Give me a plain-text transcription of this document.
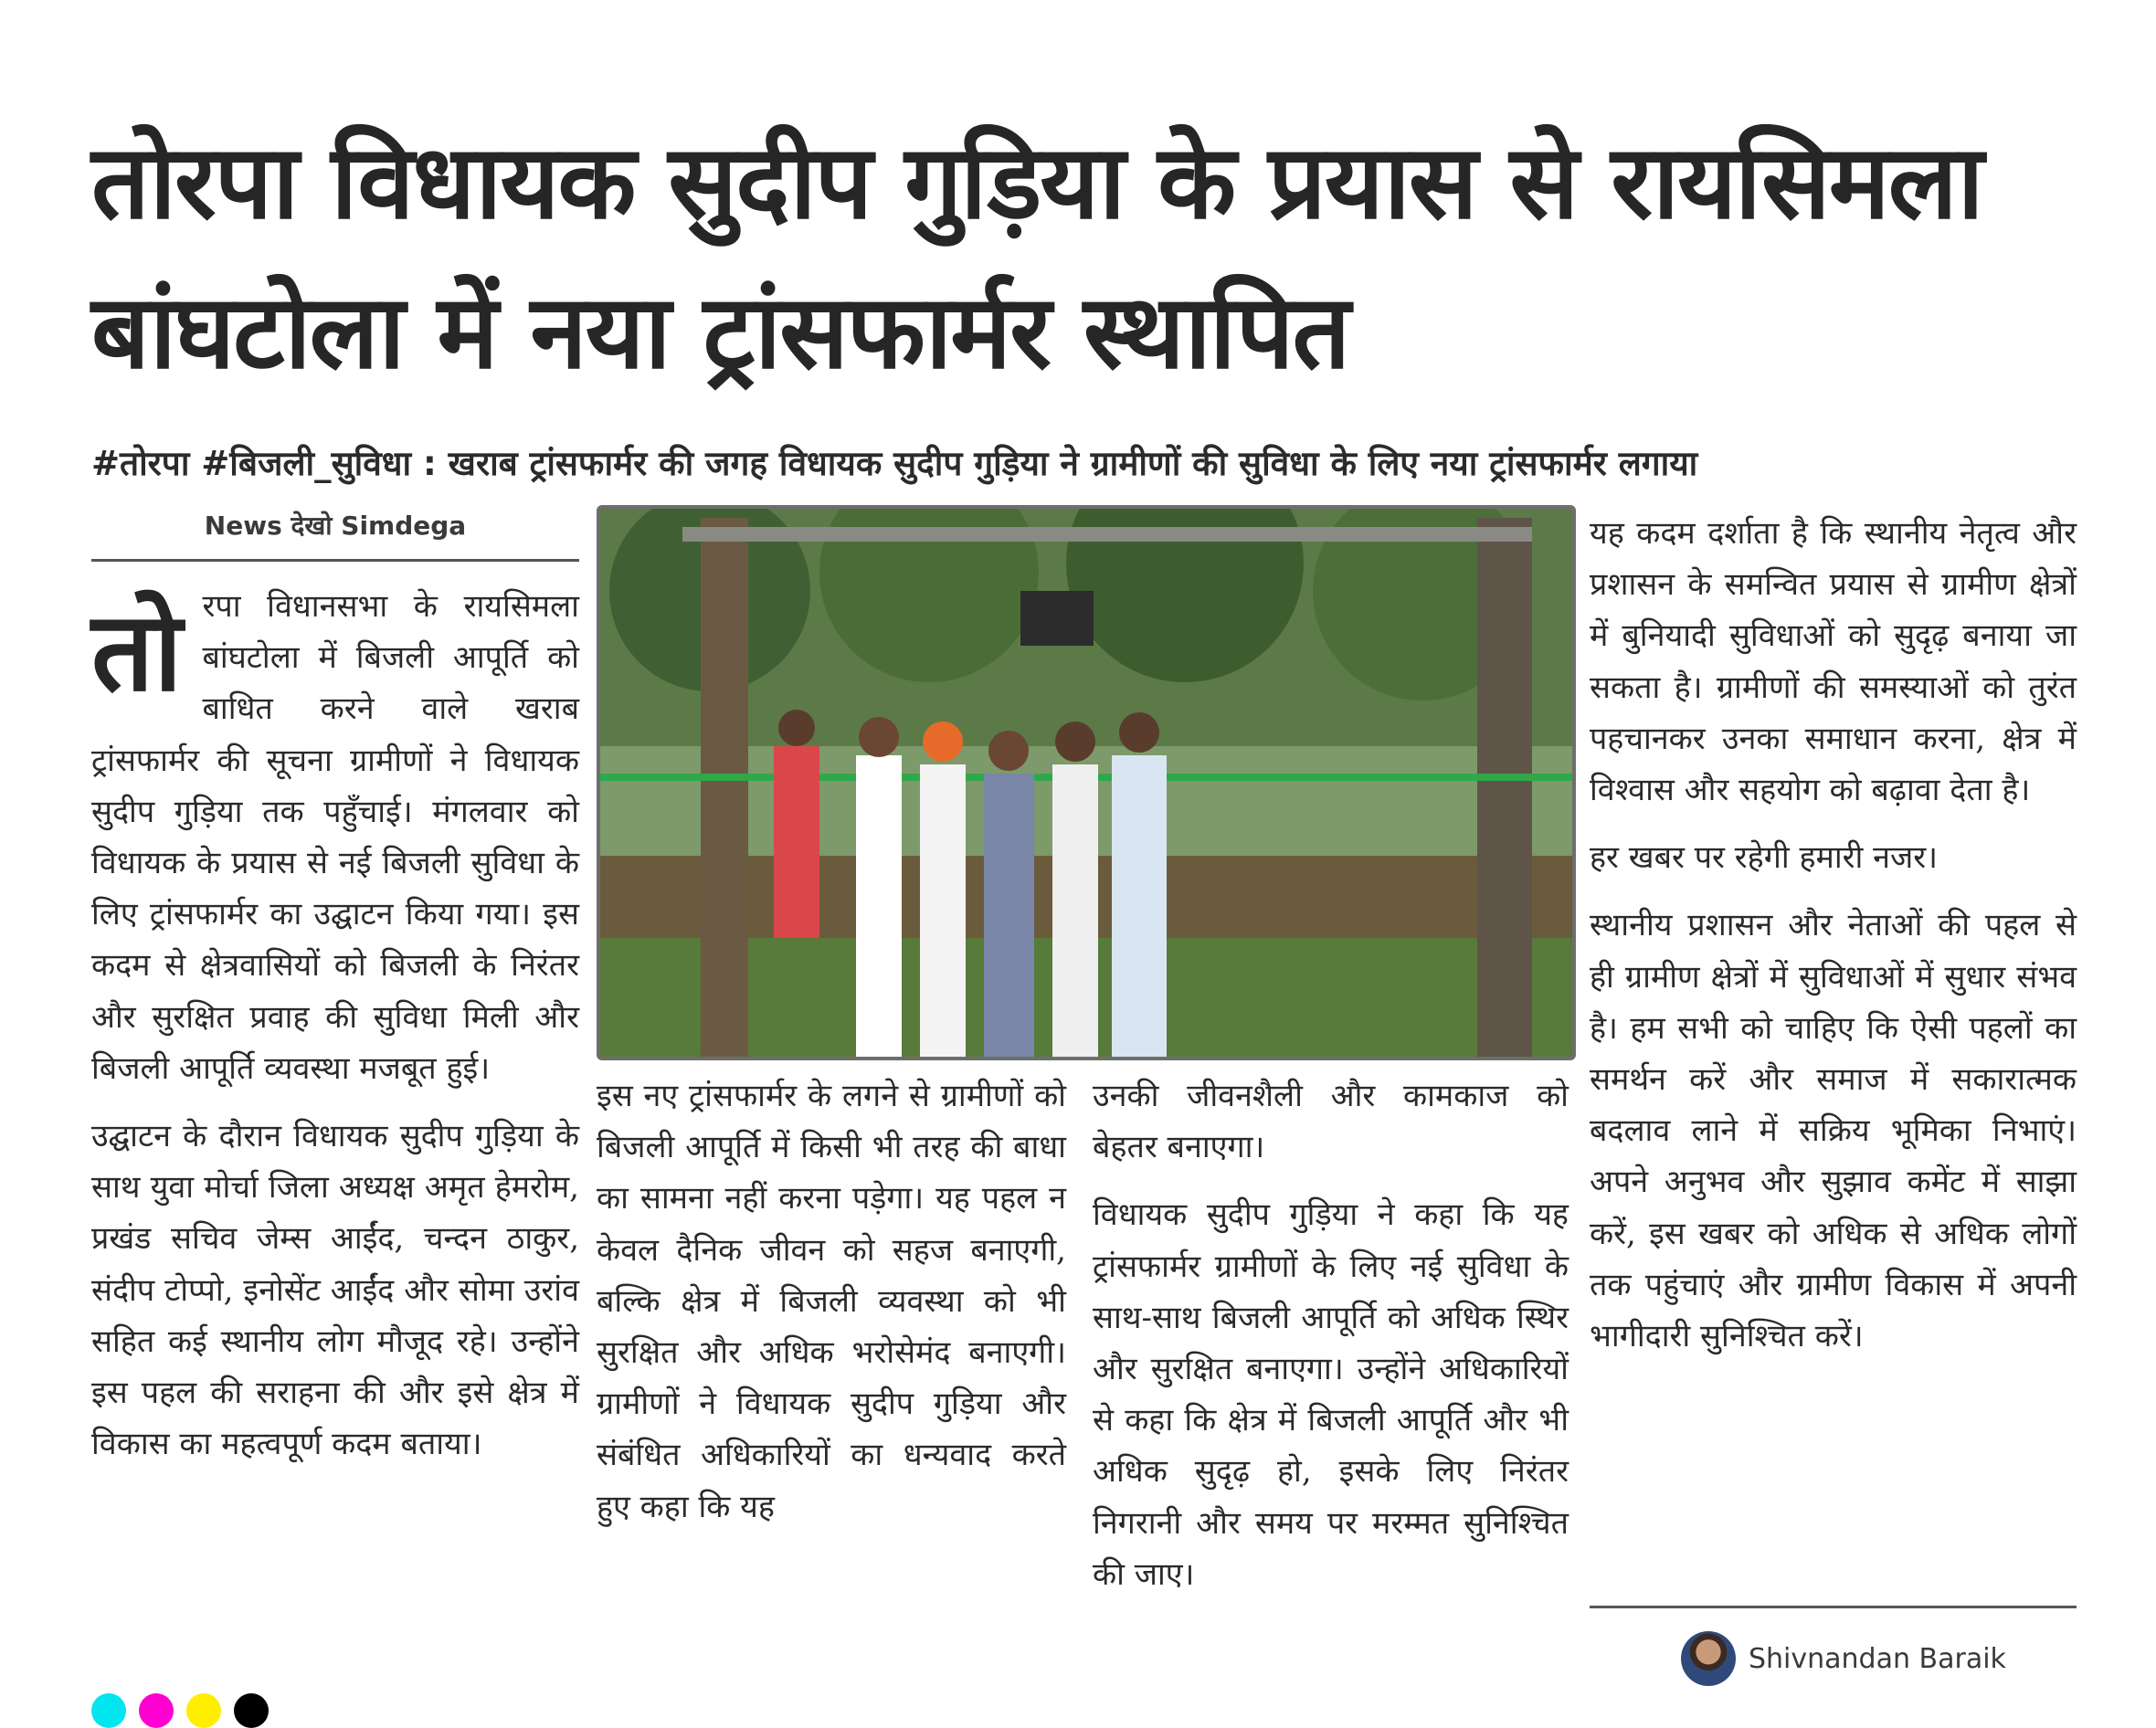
तोरपा विधायक सुदीप गुड़िया के प्रयास से रायसिमला
बांघटोला में नया ट्रांसफार्मर स्थापित
#तोरपा #बिजली_सुविधा : खराब ट्रांसफार्मर की जगह विधायक सुदीप गुड़िया ने ग्रामीणों की सुविधा के लिए नया ट्रांसफार्मर लगाया
News देखो Simdega

तोरपा विधानसभा के रायसिमला बांघटोला में बिजली आपूर्ति को बाधित करने वाले खराब ट्रांसफार्मर की सूचना ग्रामीणों ने विधायक सुदीप गुड़िया तक पहुँचाई। मंगलवार को विधायक के प्रयास से नई बिजली सुविधा के लिए ट्रांसफार्मर का उद्घाटन किया गया। इस कदम से क्षेत्रवासियों को बिजली के निरंतर और सुरक्षित प्रवाह की सुविधा मिली और बिजली आपूर्ति व्यवस्था मजबूत हुई।

उद्घाटन के दौरान विधायक सुदीप गुड़िया के साथ युवा मोर्चा जिला अध्यक्ष अमृत हेमरोम, प्रखंड सचिव जेम्स आईंद, चन्दन ठाकुर, संदीप टोप्पो, इनोसेंट आईंद और सोमा उरांव सहित कई स्थानीय लोग मौजूद रहे। उन्होंने इस पहल की सराहना की और इसे क्षेत्र में विकास का महत्वपूर्ण कदम बताया।

इस नए ट्रांसफार्मर के लगने से ग्रामीणों को बिजली आपूर्ति में किसी भी तरह की बाधा का सामना नहीं करना पड़ेगा। यह पहल न केवल दैनिक जीवन को सहज बनाएगी, बल्कि क्षेत्र में बिजली व्यवस्था को भी सुरक्षित और अधिक भरोसेमंद बनाएगी। ग्रामीणों ने विधायक सुदीप गुड़िया और संबंधित अधिकारियों का धन्यवाद करते हुए कहा कि यह

उनकी जीवनशैली और कामकाज को बेहतर बनाएगा।

विधायक सुदीप गुड़िया ने कहा कि यह ट्रांसफार्मर ग्रामीणों के लिए नई सुविधा के साथ-साथ बिजली आपूर्ति को अधिक स्थिर और सुरक्षित बनाएगा। उन्होंने अधिकारियों से कहा कि क्षेत्र में बिजली आपूर्ति और भी अधिक सुदृढ़ हो, इसके लिए निरंतर निगरानी और समय पर मरम्मत सुनिश्चित की जाए।

यह कदम दर्शाता है कि स्थानीय नेतृत्व और प्रशासन के समन्वित प्रयास से ग्रामीण क्षेत्रों में बुनियादी सुविधाओं को सुदृढ़ बनाया जा सकता है। ग्रामीणों की समस्याओं को तुरंत पहचानकर उनका समाधान करना, क्षेत्र में विश्वास और सहयोग को बढ़ावा देता है।

हर खबर पर रहेगी हमारी नजर।

स्थानीय प्रशासन और नेताओं की पहल से ही ग्रामीण क्षेत्रों में सुविधाओं में सुधार संभव है। हम सभी को चाहिए कि ऐसी पहलों का समर्थन करें और समाज में सकारात्मक बदलाव लाने में सक्रिय भूमिका निभाएं। अपने अनुभव और सुझाव कमेंट में साझा करें, इस खबर को अधिक से अधिक लोगों तक पहुंचाएं और ग्रामीण विकास में अपनी भागीदारी सुनिश्चित करें।

Shivnandan Baraik
